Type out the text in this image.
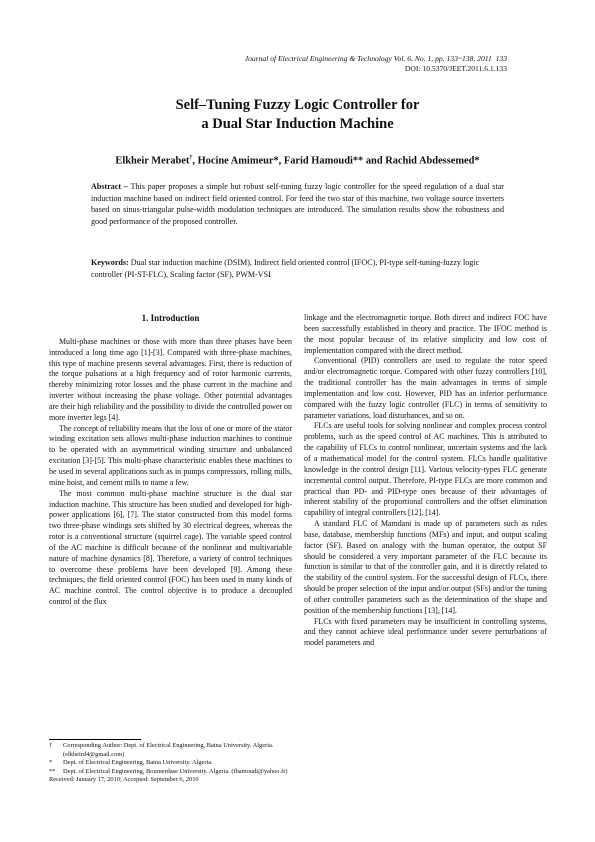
Journal of Electrical Engineering & Technology Vol. 6, No. 1, pp. 133~138, 2011 133
DOI: 10.5370/JEET.2011.6.1.133
Self–Tuning Fuzzy Logic Controller for
a Dual Star Induction Machine
Elkheir Merabet†, Hocine Amimeur*, Farid Hamoudi** and Rachid Abdessemed*
Abstract – This paper proposes a simple but robust self-tuning fuzzy logic controller for the speed regulation of a dual star induction machine based on indirect field oriented control. For feed the two star of this machine, two voltage source inverters based on sinus-triangular pulse-width modulation techniques are introduced. The simulation results show the robustness and good performance of the proposed controller.
Keywords: Dual star induction machine (DSIM), Indirect field oriented control (IFOC), PI-type self-tuning-fuzzy logic controller (PI-ST-FLC), Scaling factor (SF), PWM-VSI
1. Introduction

Multi-phase machines or those with more than three phases have been introduced a long time ago [1]-[3]. Compared with three-phase machines, this type of machine presents several advantages. First, there is reduction of the torque pulsations at a high frequency and of rotor harmonic currents, thereby minimizing rotor losses and the phase current in the machine and inverter without increasing the phase voltage. Other potential advantages are their high reliability and the possibility to divide the controlled power on more inverter legs [4].

The concept of reliability means that the loss of one or more of the stator winding excitation sets allows multi-phase induction machines to continue to be operated with an asymmetrical winding structure and unbalanced excitation [3]-[5]. This multi-phase characteristic enables these machines to be used in several applications such as in pumps compressors, rolling mills, mine hoist, and cement mills to name a few.

The most common multi-phase machine structure is the dual star induction machine. This structure has been studied and developed for high-power applications [6], [7]. The stator constructed from this model forms two three-phase windings sets shifted by 30 electrical degrees, whereas the rotor is a conventional structure (squirrel cage). The variable speed control of the AC machine is difficult because of the nonlinear and multivariable nature of machine dynamics [8]. Therefore, a variety of control techniques to overcome these problems have been developed [9]. Among these techniques, the field oriented control (FOC) has been used in many kinds of AC machine control. The control objective is to produce a decoupled control of the flux

linkage and the electromagnetic torque. Both direct and indirect FOC have been successfully established in theory and practice. The IFOC method is the most popular because of its relative simplicity and low cost of implementation compared with the direct method.

Conventional (PID) controllers are used to regulate the rotor speed and/or electromagnetic torque. Compared with other fuzzy controllers [10], the traditional controller has the main advantages in terms of simple implementation and low cost. However, PID has an inferior performance compared with the fuzzy logic controller (FLC) in terms of sensitivity to parameter variations, load disturbances, and so on.

FLCs are useful tools for solving nonlinear and complex process control problems, such as the speed control of AC machines. This is attributed to the capability of FLCs to control nonlinear, uncertain systems and the lack of a mathematical model for the control system. FLCs handle qualitative knowledge in the control design [11]. Various velocity-types FLC generate incremental control output. Therefore, PI-type FLCs are more common and practical than PD- and PID-type ones because of their advantages of inherent stability of the proportional controllers and the offset elimination capability of integral controllers [12], [14].

A standard FLC of Mamdani is made up of parameters such as rules base, database, membership functions (MFs) and input, and output scaling factor (SF). Based on analogy with the human operator, the output SF should be considered a very important parameter of the FLC because its function is similar to that of the controller gain, and it is directly related to the stability of the control system. For the successful design of FLCs, there should be proper selection of the input and/or output (SFs) and/or the tuning of other controller parameters such as the determination of the shape and position of the membership functions [13], [14].

FLCs with fixed parameters may be insufficient in controlling systems, and they cannot achieve ideal performance under severe perturbations of model parameters and

† Corresponding Author: Dept. of Electrical Engineering, Batna University. Algeria. (elkheird4@gmail.com)
* Dept. of Electrical Engineering, Batna University. Algeria.
** Dept. of Electrical Engineering, Boumerdase University. Algeria. (fhamoudi@yahoo.fr)
Received: January 17, 2010; Accepted: September 6, 2010
